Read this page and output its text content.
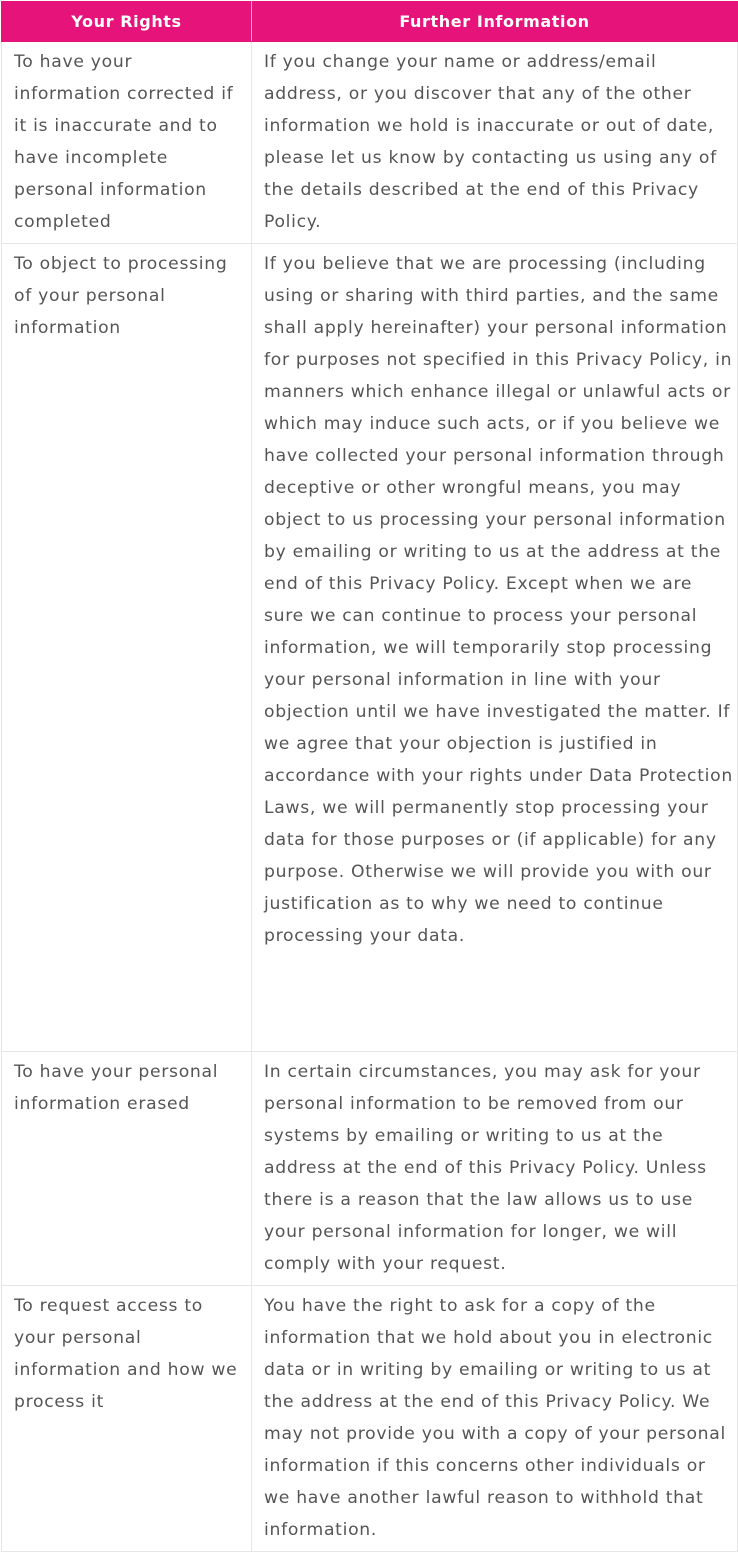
Your Rights	Further Information
To have your information corrected if it is inaccurate and to have incomplete personal information completed	If you change your name or address/email address, or you discover that any of the other information we hold is inaccurate or out of date, please let us know by contacting us using any of the details described at the end of this Privacy Policy.
To object to processing of your personal information	If you believe that we are processing (including using or sharing with third parties, and the same shall apply hereinafter) your personal information for purposes not specified in this Privacy Policy, in manners which enhance illegal or unlawful acts or which may induce such acts, or if you believe we have collected your personal information through deceptive or other wrongful means, you may object to us processing your personal information by emailing or writing to us at the address at the end of this Privacy Policy. Except when we are sure we can continue to process your personal information, we will temporarily stop processing your personal information in line with your objection until we have investigated the matter. If we agree that your objection is justified in accordance with your rights under Data Protection Laws, we will permanently stop processing your data for those purposes or (if applicable) for any purpose. Otherwise we will provide you with our justification as to why we need to continue processing your data.
To have your personal information erased	In certain circumstances, you may ask for your personal information to be removed from our systems by emailing or writing to us at the address at the end of this Privacy Policy. Unless there is a reason that the law allows us to use your personal information for longer, we will comply with your request.
To request access to your personal information and how we process it	You have the right to ask for a copy of the information that we hold about you in electronic data or in writing by emailing or writing to us at the address at the end of this Privacy Policy. We may not provide you with a copy of your personal information if this concerns other individuals or we have another lawful reason to withhold that information.
